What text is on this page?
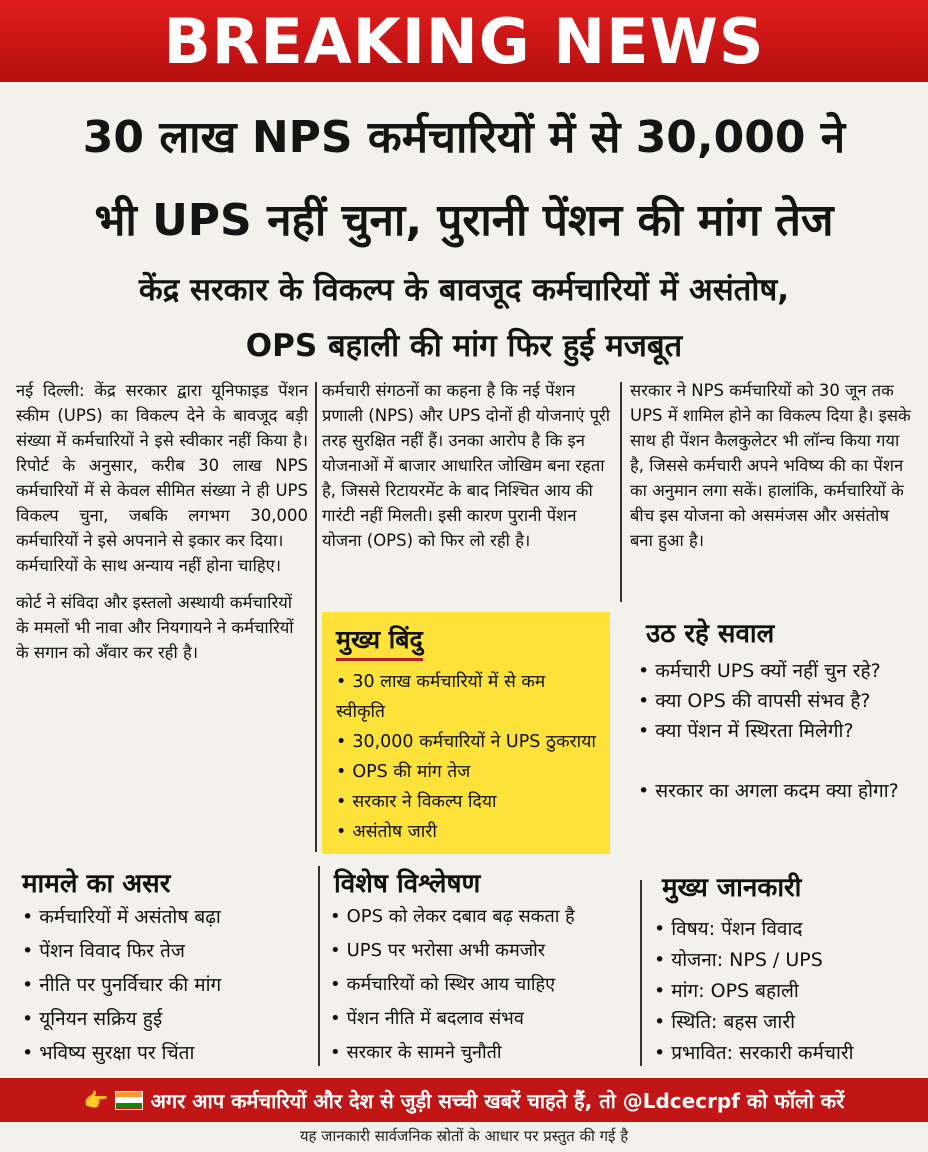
BREAKING NEWS
30 लाख NPS कर्मचारियों में से 30,000 ने
भी UPS नहीं चुना, पुरानी पेंशन की मांग तेज
केंद्र सरकार के विकल्प के बावजूद कर्मचारियों में असंतोष,
OPS बहाली की मांग फिर हुई मजबूत

नई दिल्ली: केंद्र सरकार द्वारा यूनिफाइड पेंशन स्कीम (UPS) का विकल्प देने के बावजूद बड़ी संख्या में कर्मचारियों ने इसे स्वीकार नहीं किया है। रिपोर्ट के अनुसार, करीब 30 लाख NPS कर्मचारियों में से केवल सीमित संख्या ने ही UPS विकल्प चुना, जबकि लगभग 30,000 कर्मचारियों ने इसे अपनाने से इकार कर दिया।

कर्मचारियों के साथ अन्याय नहीं होना चाहिए।

कोर्ट ने संविदा और इस्तलो अस्थायी कर्मचारियों के ममलों भी नावा और नियगायने ने कर्मचारियों के सगान को अँवार कर रही है।

कर्मचारी संगठनों का कहना है कि नई पेंशन प्रणाली (NPS) और UPS दोनों ही योजनाएं पूरी तरह सुरक्षित नहीं हैं। उनका आरोप है कि इन योजनाओं में बाजार आधारित जोखिम बना रहता है, जिससे रिटायरमेंट के बाद निश्चित आय की गारंटी नहीं मिलती। इसी कारण पुरानी पेंशन योजना (OPS) को फिर लो रही है।

सरकार ने NPS कर्मचारियों को 30 जून तक UPS में शामिल होने का विकल्प दिया है। इसके साथ ही पेंशन कैलकुलेटर भी लॉन्च किया गया है, जिससे कर्मचारी अपने भविष्य की का पेंशन का अनुमान लगा सकें। हालांकि, कर्मचारियों के बीच इस योजना को असमंजस और असंतोष बना हुआ है।

मुख्य बिंदु
• 30 लाख कर्मचारियों में से कम स्वीकृति
• 30,000 कर्मचारियों ने UPS ठुकराया
• OPS की मांग तेज
• सरकार ने विकल्प दिया
• असंतोष जारी
उठ रहे सवाल
• कर्मचारी UPS क्यों नहीं चुन रहे?
• क्या OPS की वापसी संभव है?
• क्या पेंशन में स्थिरता मिलेगी?
• सरकार का अगला कदम क्या होगा?
मामले का असर
• कर्मचारियों में असंतोष बढ़ा
• पेंशन विवाद फिर तेज
• नीति पर पुनर्विचार की मांग
• यूनियन सक्रिय हुई
• भविष्य सुरक्षा पर चिंता
विशेष विश्लेषण
• OPS को लेकर दबाव बढ़ सकता है
• UPS पर भरोसा अभी कमजोर
• कर्मचारियों को स्थिर आय चाहिए
• पेंशन नीति में बदलाव संभव
• सरकार के सामने चुनौती
मुख्य जानकारी
• विषय: पेंशन विवाद
• योजना: NPS / UPS
• मांग: OPS बहाली
• स्थिति: बहस जारी
• प्रभावित: सरकारी कर्मचारी
👉 अगर आप कर्मचारियों और देश से जुड़ी सच्ची खबरें चाहते हैं, तो @Ldcecrpf को फॉलो करें
यह जानकारी सार्वजनिक स्रोतों के आधार पर प्रस्तुत की गई है
